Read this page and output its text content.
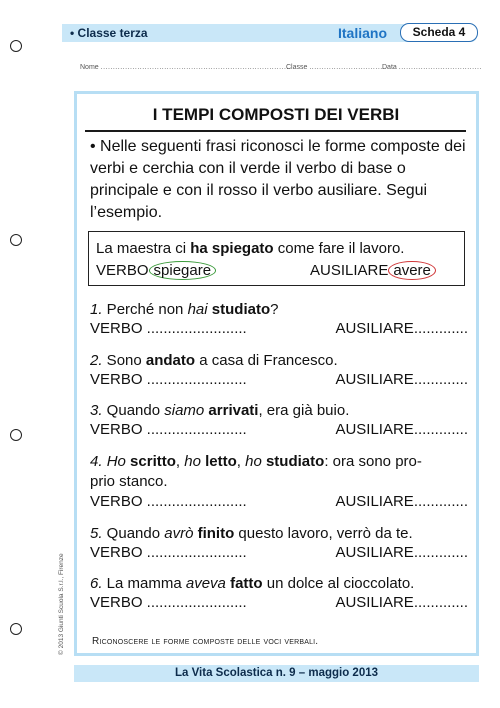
• Classe terza	Italiano	Scheda 4
Nome ..............................................................................
Classe ...............................
Data ..................................
I TEMPI COMPOSTI DEI VERBI
• Nelle seguenti frasi riconosci le forme composte dei verbi e cerchia con il verde il verbo di base o principale e con il rosso il verbo ausiliare. Segui l’esempio.
La maestra ci ha spiegato come fare il lavoro.
VERBO spiegare	AUSILIARE avere
1. Perché non hai studiato?
VERBO ........................	AUSILIARE.............
2. Sono andato a casa di Francesco.
VERBO ........................	AUSILIARE.............
3. Quando siamo arrivati, era già buio.
VERBO ........................	AUSILIARE.............
4. Ho scritto, ho letto, ho studiato: ora sono pro-
prio stanco.
VERBO ........................	AUSILIARE.............
5. Quando avrò finito questo lavoro, verrò da te.
VERBO ........................	AUSILIARE.............
6. La mamma aveva fatto un dolce al cioccolato.
VERBO ........................	AUSILIARE.............
Riconoscere le forme composte delle voci verbali.
© 2013 Giunti Scuola S.r.l., Firenze
La Vita Scolastica n. 9 – maggio 2013
